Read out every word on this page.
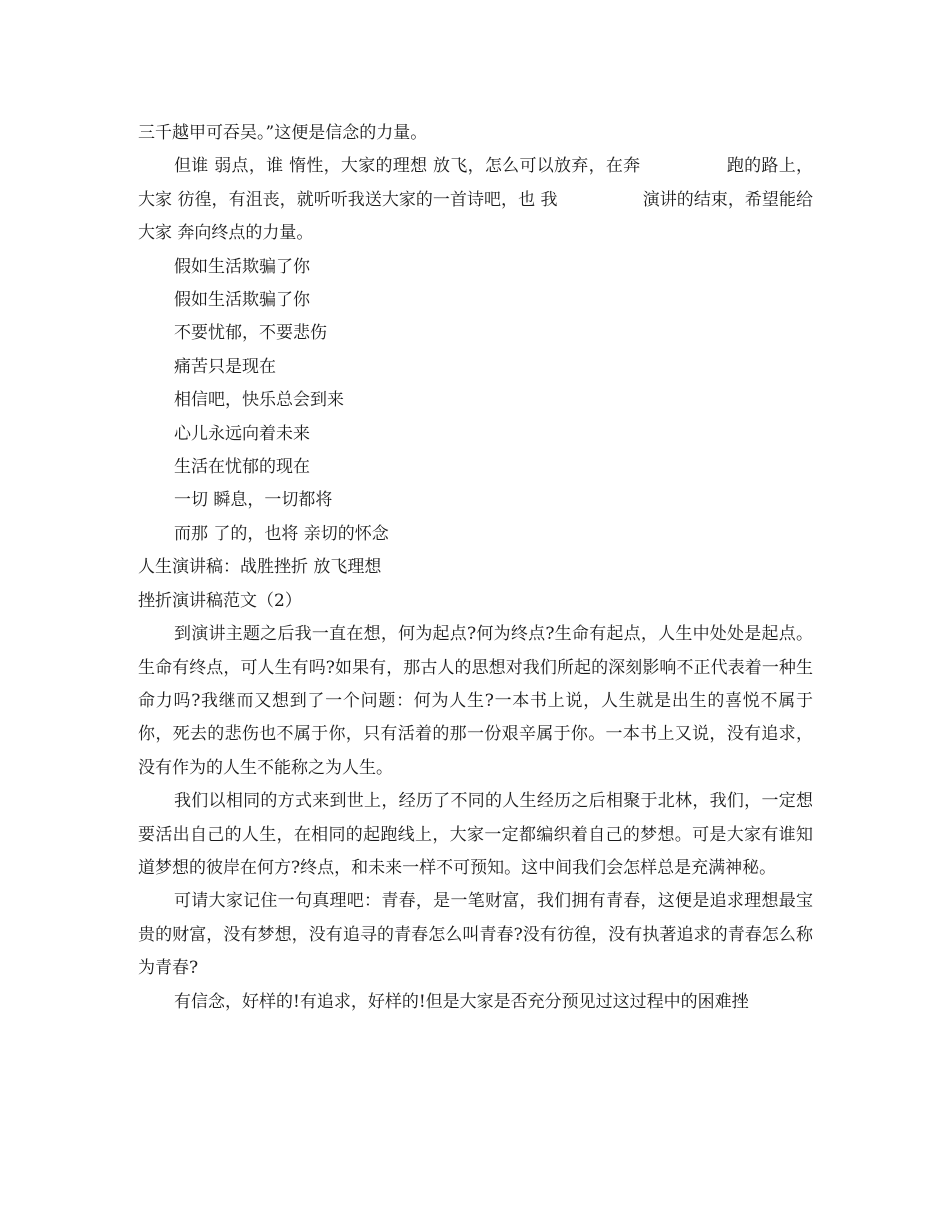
三千越甲可吞吴。”这便是信念的力量。

但谁 弱点，谁 惰性，大家的理想 放飞，怎么可以放弃，在奔　　　　　跑的路上，大家 彷徨，有沮丧，就听听我送大家的一首诗吧，也 我　　　　　演讲的结束，希望能给大家 奔向终点的力量。

假如生活欺骗了你

假如生活欺骗了你

不要忧郁，不要悲伤

痛苦只是现在

相信吧，快乐总会到来

心儿永远向着未来

生活在忧郁的现在

一切 瞬息，一切都将

而那 了的，也将 亲切的怀念

人生演讲稿：战胜挫折 放飞理想

挫折演讲稿范文（2）

到演讲主题之后我一直在想，何为起点?何为终点?生命有起点，人生中处处是起点。生命有终点，可人生有吗?如果有，那古人的思想对我们所起的深刻影响不正代表着一种生命力吗?我继而又想到了一个问题：何为人生?一本书上说，人生就是出生的喜悦不属于你，死去的悲伤也不属于你，只有活着的那一份艰辛属于你。一本书上又说，没有追求，没有作为的人生不能称之为人生。

我们以相同的方式来到世上，经历了不同的人生经历之后相聚于北林，我们，一定想要活出自己的人生，在相同的起跑线上，大家一定都编织着自己的梦想。可是大家有谁知道梦想的彼岸在何方?终点，和未来一样不可预知。这中间我们会怎样总是充满神秘。

可请大家记住一句真理吧：青春，是一笔财富，我们拥有青春，这便是追求理想最宝贵的财富，没有梦想，没有追寻的青春怎么叫青春?没有彷徨，没有执著追求的青春怎么称为青春?

有信念，好样的!有追求，好样的!但是大家是否充分预见过这过程中的困难挫
